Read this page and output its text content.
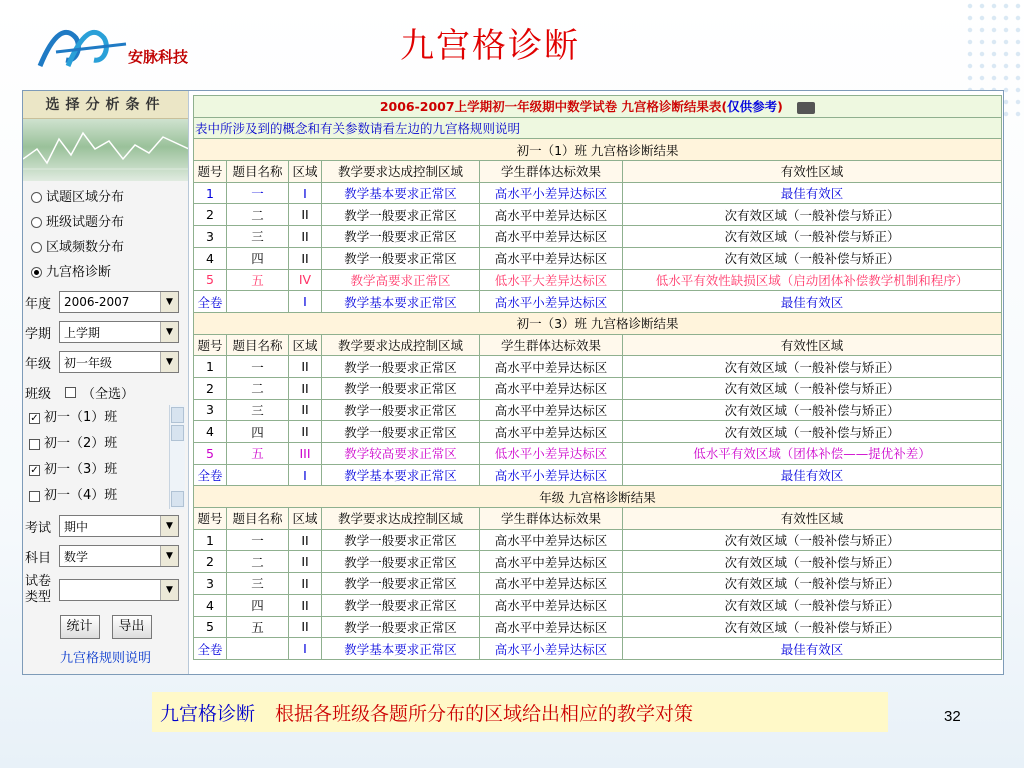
安脉科技	九宫格诊断
选择分析条件
试题区域分布
班级试题分布
区域频数分布
九宫格诊断
年度	2006-2007	▼
学期	上学期	▼
年级	初一年级	▼
班级	（全选）
✓ 初一（1）班
初一（2）班
✓ 初一（3）班
初一（4）班
考试	期中	▼
科目	数学	▼
试卷类型	▼
统计	导出
九宫格规则说明
2006-2007上学期初一年级期中数学试卷 九宫格诊断结果表(仅供参考)					
表中所涉及到的概念和有关参数请看左边的九宫格规则说明					
初一（1）班 九宫格诊断结果					
题号	题目名称	区域	教学要求达成控制区域	学生群体达标效果	有效性区域
1	一	I	教学基本要求正常区	高水平小差异达标区	最佳有效区
2	二	II	教学一般要求正常区	高水平中差异达标区	次有效区域（一般补偿与矫正）
3	三	II	教学一般要求正常区	高水平中差异达标区	次有效区域（一般补偿与矫正）
4	四	II	教学一般要求正常区	高水平中差异达标区	次有效区域（一般补偿与矫正）
5	五	IV	教学高要求正常区	低水平大差异达标区	低水平有效性缺损区域（启动团体补偿教学机制和程序）
全卷		I	教学基本要求正常区	高水平小差异达标区	最佳有效区
初一（3）班 九宫格诊断结果					
题号	题目名称	区域	教学要求达成控制区域	学生群体达标效果	有效性区域
1	一	II	教学一般要求正常区	高水平中差异达标区	次有效区域（一般补偿与矫正）
2	二	II	教学一般要求正常区	高水平中差异达标区	次有效区域（一般补偿与矫正）
3	三	II	教学一般要求正常区	高水平中差异达标区	次有效区域（一般补偿与矫正）
4	四	II	教学一般要求正常区	高水平中差异达标区	次有效区域（一般补偿与矫正）
5	五	III	教学较高要求正常区	低水平小差异达标区	低水平有效区域（团体补偿——提优补差）
全卷		I	教学基本要求正常区	高水平小差异达标区	最佳有效区
年级 九宫格诊断结果					
题号	题目名称	区域	教学要求达成控制区域	学生群体达标效果	有效性区域
1	一	II	教学一般要求正常区	高水平中差异达标区	次有效区域（一般补偿与矫正）
2	二	II	教学一般要求正常区	高水平中差异达标区	次有效区域（一般补偿与矫正）
3	三	II	教学一般要求正常区	高水平中差异达标区	次有效区域（一般补偿与矫正）
4	四	II	教学一般要求正常区	高水平中差异达标区	次有效区域（一般补偿与矫正）
5	五	II	教学一般要求正常区	高水平中差异达标区	次有效区域（一般补偿与矫正）
全卷		I	教学基本要求正常区	高水平小差异达标区	最佳有效区
九宫格诊断 根据各班级各题所分布的区域给出相应的教学对策	32
